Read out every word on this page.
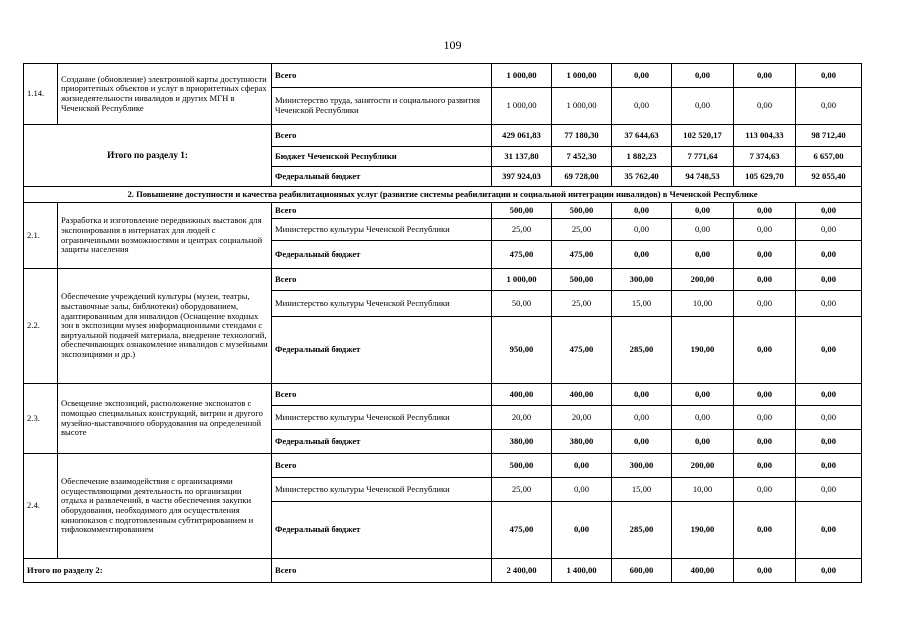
109
1.14.	Создание (обновление) электронной карты доступности приоритетных объектов и услуг в приоритетных сферах жизнедеятельности инвалидов и других МГН в Чеченской Республике	Всего	1 000,00	1 000,00	0,00	0,00	0,00	0,00
		Министерство труда, занятости и социального развития Чеченской Республики	1 000,00	1 000,00	0,00	0,00	0,00	0,00
Итого по разделу 1:		Всего	429 061,83	77 180,30	37 644,63	102 520,17	113 004,33	98 712,40
		Бюджет Чеченской Республики	31 137,80	7 452,30	1 882,23	7 771,64	7 374,63	6 657,00
		Федеральный бюджет	397 924,03	69 728,00	35 762,40	94 748,53	105 629,70	92 055,40
2. Повышение доступности и качества реабилитационных услуг (развитие системы реабилитации и социальной интеграции инвалидов) в Чеченской Республике								
2.1.	Разработка и изготовление передвижных выставок для экспонирования в интернатах для людей с ограниченными возможностями и центрах социальной защиты населения	Всего	500,00	500,00	0,00	0,00	0,00	0,00
		Министерство культуры Чеченской Республики	25,00	25,00	0,00	0,00	0,00	0,00
		Федеральный бюджет	475,00	475,00	0,00	0,00	0,00	0,00
2.2.	Обеспечение учреждений культуры (музеи, театры, выставочные залы, библиотеки) оборудованием, адаптированным для инвалидов (Оснащение входных зон в экспозиции музея информационными стендами с виртуальной подачей материала, внедрение технологий, обеспечивающих ознакомление инвалидов с музейными экспозициями и др.)	Всего	1 000,00	500,00	300,00	200,00	0,00	0,00
		Министерство культуры Чеченской Республики	50,00	25,00	15,00	10,00	0,00	0,00
		Федеральный бюджет	950,00	475,00	285,00	190,00	0,00	0,00
2.3.	Освещение экспозиций, расположение экспонатов с помощью специальных конструкций, витрин и другого музейно-выставочного оборудования на определенной высоте	Всего	400,00	400,00	0,00	0,00	0,00	0,00
		Министерство культуры Чеченской Республики	20,00	20,00	0,00	0,00	0,00	0,00
		Федеральный бюджет	380,00	380,00	0,00	0,00	0,00	0,00
2.4.	Обеспечение взаимодействия с организациями осуществляющими деятельность по организации отдыха и развлечений, в части обеспечения закупки оборудования, необходимого для осуществления кинопоказов с подготовленным субтитрированием и тифлокомментированием	Всего	500,00	0,00	300,00	200,00	0,00	0,00
		Министерство культуры Чеченской Республики	25,00	0,00	15,00	10,00	0,00	0,00
		Федеральный бюджет	475,00	0,00	285,00	190,00	0,00	0,00
Итого по разделу 2:		Всего	2 400,00	1 400,00	600,00	400,00	0,00	0,00
